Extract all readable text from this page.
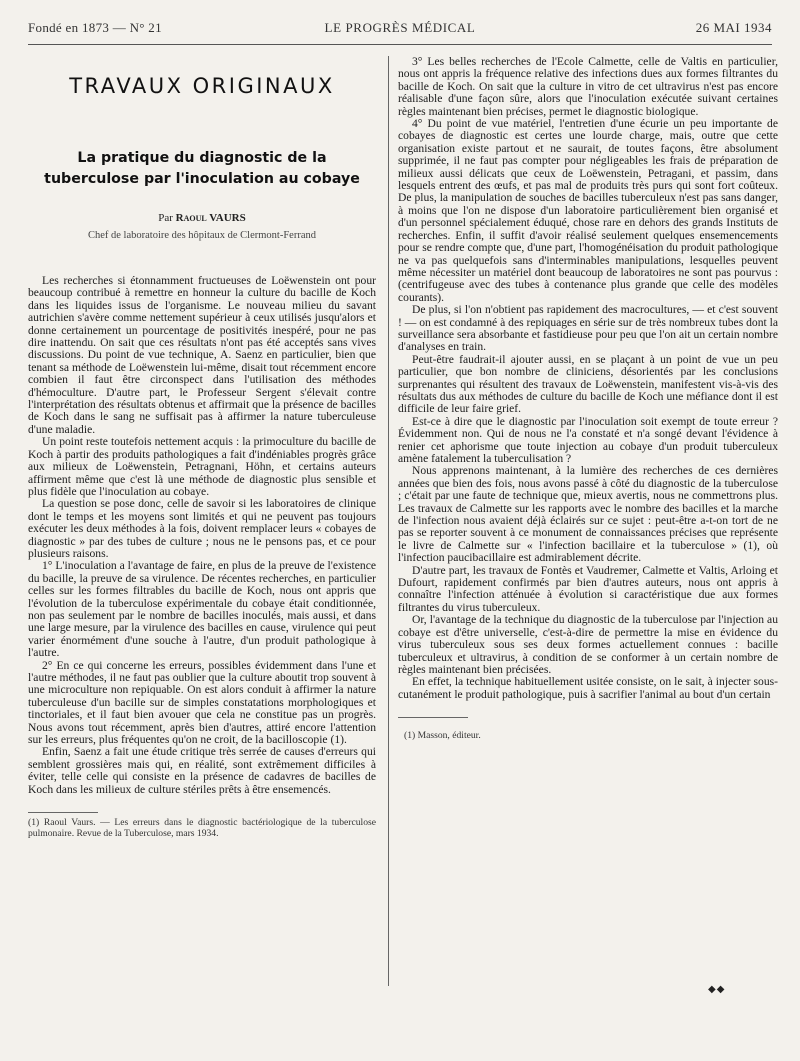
Fondé en 1873 — N° 21	LE PROGRÈS MÉDICAL	26 MAI 1934
TRAVAUX ORIGINAUX
La pratique du diagnostic de la tuberculose par l'inoculation au cobaye
Par Raoul VAURS
Chef de laboratoire des hôpitaux de Clermont-Ferrand

Les recherches si étonnamment fructueuses de Loëwenstein ont pour beaucoup contribué à remettre en honneur la culture du bacille de Koch dans les liquides issus de l'organisme. Le nouveau milieu du savant autrichien s'avère comme nettement supérieur à ceux utilisés jusqu'alors et donne certainement un pourcentage de positivités inespéré, pour ne pas dire inattendu. On sait que ces résultats n'ont pas été acceptés sans vives discussions. Du point de vue technique, A. Saenz en particulier, bien que tenant sa méthode de Loëwenstein lui-même, disait tout récemment encore combien il faut être circonspect dans l'utilisation des méthodes d'hémoculture. D'autre part, le Professeur Sergent s'élevait contre l'interprétation des résultats obtenus et affirmait que la présence de bacilles de Koch dans le sang ne suffisait pas à affirmer la nature tuberculeuse d'une maladie.

Un point reste toutefois nettement acquis : la primoculture du bacille de Koch à partir des produits pathologiques a fait d'indéniables progrès grâce aux milieux de Loëwenstein, Petragnani, Höhn, et certains auteurs affirment même que c'est là une méthode de diagnostic plus sensible et plus fidèle que l'inoculation au cobaye.

La question se pose donc, celle de savoir si les laboratoires de clinique dont le temps et les moyens sont limités et qui ne peuvent pas toujours exécuter les deux méthodes à la fois, doivent remplacer leurs « cobayes de diagnostic » par des tubes de culture ; nous ne le pensons pas, et ce pour plusieurs raisons.

1° L'inoculation a l'avantage de faire, en plus de la preuve de l'existence du bacille, la preuve de sa virulence. De récentes recherches, en particulier celles sur les formes filtrables du bacille de Koch, nous ont appris que l'évolution de la tuberculose expérimentale du cobaye était conditionnée, non pas seulement par le nombre de bacilles inoculés, mais aussi, et dans une large mesure, par la virulence des bacilles en cause, virulence qui peut varier énormément d'une souche à l'autre, d'un produit pathologique à l'autre.

2° En ce qui concerne les erreurs, possibles évidemment dans l'une et l'autre méthodes, il ne faut pas oublier que la culture aboutit trop souvent à une microculture non repiquable. On est alors conduit à affirmer la nature tuberculeuse d'un bacille sur de simples constatations morphologiques et tinctoriales, et il faut bien avouer que cela ne constitue pas un progrès. Nous avons tout récemment, après bien d'autres, attiré encore l'attention sur les erreurs, plus fréquentes qu'on ne croit, de la bacilloscopie (1).

Enfin, Saenz a fait une étude critique très serrée de causes d'erreurs qui semblent grossières mais qui, en réalité, sont extrêmement difficiles à éviter, telle celle qui consiste en la présence de cadavres de bacilles de Koch dans les milieux de culture stériles prêts à être ensemencés.

(1) Raoul Vaurs. — Les erreurs dans le diagnostic bactériologique de la tuberculose pulmonaire. Revue de la Tuberculose, mars 1934.

3° Les belles recherches de l'Ecole Calmette, celle de Valtis en particulier, nous ont appris la fréquence relative des infections dues aux formes filtrantes du bacille de Koch. On sait que la culture in vitro de cet ultravirus n'est pas encore réalisable d'une façon sûre, alors que l'inoculation exécutée suivant certaines règles maintenant bien précises, permet le diagnostic biologique.

4° Du point de vue matériel, l'entretien d'une écurie un peu importante de cobayes de diagnostic est certes une lourde charge, mais, outre que cette organisation existe partout et ne saurait, de toutes façons, être absolument supprimée, il ne faut pas compter pour négligeables les frais de préparation de milieux aussi délicats que ceux de Loëwenstein, Petragani, et passim, dans lesquels entrent des œufs, et pas mal de produits très purs qui sont fort coûteux. De plus, la manipulation de souches de bacilles tuberculeux n'est pas sans danger, à moins que l'on ne dispose d'un laboratoire particulièrement bien organisé et d'un personnel spécialement éduqué, chose rare en dehors des grands Instituts de recherches. Enfin, il suffit d'avoir réalisé seulement quelques ensemencements pour se rendre compte que, d'une part, l'homogénéisation du produit pathologique ne va pas quelquefois sans d'interminables manipulations, lesquelles peuvent même nécessiter un matériel dont beaucoup de laboratoires ne sont pas pourvus : (centrifugeuse avec des tubes à contenance plus grande que celle des modèles courants).

De plus, si l'on n'obtient pas rapidement des macrocultures, — et c'est souvent ! — on est condamné à des repiquages en série sur de très nombreux tubes dont la surveillance sera absorbante et fastidieuse pour peu que l'on ait un certain nombre d'analyses en train.

Peut-être faudrait-il ajouter aussi, en se plaçant à un point de vue un peu particulier, que bon nombre de cliniciens, désorientés par les conclusions surprenantes qui résultent des travaux de Loëwenstein, manifestent vis-à-vis des résultats dus aux méthodes de culture du bacille de Koch une méfiance dont il est difficile de leur faire grief.

Est-ce à dire que le diagnostic par l'inoculation soit exempt de toute erreur ? Évidemment non. Qui de nous ne l'a constaté et n'a songé devant l'évidence à renier cet aphorisme que toute injection au cobaye d'un produit tuberculeux amène fatalement la tuberculisation ?

Nous apprenons maintenant, à la lumière des recherches de ces dernières années que bien des fois, nous avons passé à côté du diagnostic de la tuberculose ; c'était par une faute de technique que, mieux avertis, nous ne commettrons plus. Les travaux de Calmette sur les rapports avec le nombre des bacilles et la marche de l'infection nous avaient déjà éclairés sur ce sujet : peut-être a-t-on tort de ne pas se reporter souvent à ce monument de connaissances précises que représente le livre de Calmette sur « l'infection bacillaire et la tuberculose » (1), où l'infection paucibacillaire est admirablement décrite.

D'autre part, les travaux de Fontès et Vaudremer, Calmette et Valtis, Arloing et Dufourt, rapidement confirmés par bien d'autres auteurs, nous ont appris à connaître l'infection atténuée à évolution si caractéristique due aux formes filtrantes du virus tuberculeux.

Or, l'avantage de la technique du diagnostic de la tuberculose par l'injection au cobaye est d'être universelle, c'est-à-dire de permettre la mise en évidence du virus tuberculeux sous ses deux formes actuellement connues : bacille tuberculeux et ultravirus, à condition de se conformer à un certain nombre de règles maintenant bien précisées.

En effet, la technique habituellement usitée consiste, on le sait, à injecter sous-cutanément le produit pathologique, puis à sacrifier l'animal au bout d'un certain

(1) Masson, éditeur.

◆◆
